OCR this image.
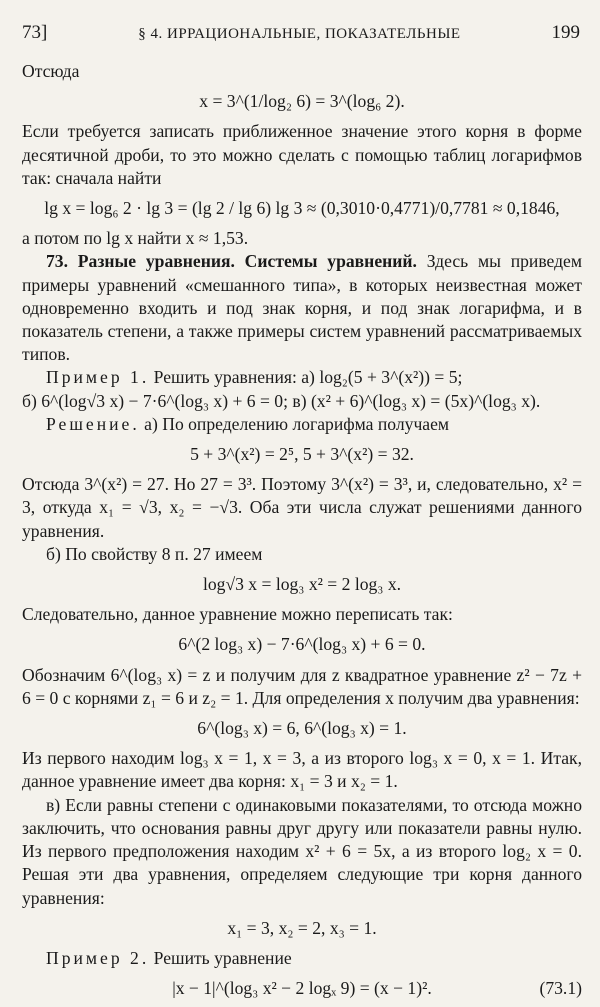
73]	§ 4. ИРРАЦИОНАЛЬНЫЕ, ПОКАЗАТЕЛЬНЫЕ	199

Отсюда

x = 3^(1/log₂ 6) = 3^(log₆ 2).

Если требуется записать приближенное значение этого корня в форме десятичной дроби, то это можно сделать с помощью таблиц логарифмов так: сначала найти

lg x = log₆ 2 · lg 3 = (lg 2 / lg 6) lg 3 ≈ (0,3010·0,4771)/0,7781 ≈ 0,1846,

а потом по lg x найти x ≈ 1,53.

73. Разные уравнения. Системы уравнений. Здесь мы приведем примеры уравнений «смешанного типа», в которых неизвестная может одновременно входить и под знак корня, и под знак логарифма, и в показатель степени, а также примеры систем уравнений рассматриваемых типов.

Пример 1. Решить уравнения: а) log₂(5 + 3^(x²)) = 5;

б) 6^(log√3 x) − 7·6^(log₃ x) + 6 = 0; в) (x² + 6)^(log₃ x) = (5x)^(log₃ x).

Решение. а) По определению логарифма получаем

5 + 3^(x²) = 2⁵, 5 + 3^(x²) = 32.

Отсюда 3^(x²) = 27. Но 27 = 3³. Поэтому 3^(x²) = 3³, и, следовательно, x² = 3, откуда x₁ = √3, x₂ = −√3. Оба эти числа служат решениями данного уравнения.

б) По свойству 8 п. 27 имеем

log√3 x = log₃ x² = 2 log₃ x.

Следовательно, данное уравнение можно переписать так:

6^(2 log₃ x) − 7·6^(log₃ x) + 6 = 0.

Обозначим 6^(log₃ x) = z и получим для z квадратное уравнение z² − 7z + 6 = 0 с корнями z₁ = 6 и z₂ = 1. Для определения x получим два уравнения:

6^(log₃ x) = 6, 6^(log₃ x) = 1.

Из первого находим log₃ x = 1, x = 3, а из второго log₃ x = 0, x = 1. Итак, данное уравнение имеет два корня: x₁ = 3 и x₂ = 1.

в) Если равны степени с одинаковыми показателями, то отсюда можно заключить, что основания равны друг другу или показатели равны нулю. Из первого предположения находим x² + 6 = 5x, а из второго log₂ x = 0. Решая эти два уравнения, определяем следующие три корня данного уравнения:

x₁ = 3, x₂ = 2, x₃ = 1.

Пример 2. Решить уравнение

|x − 1|^(log₃ x² − 2 logₓ 9) = (x − 1)².	(73.1)
